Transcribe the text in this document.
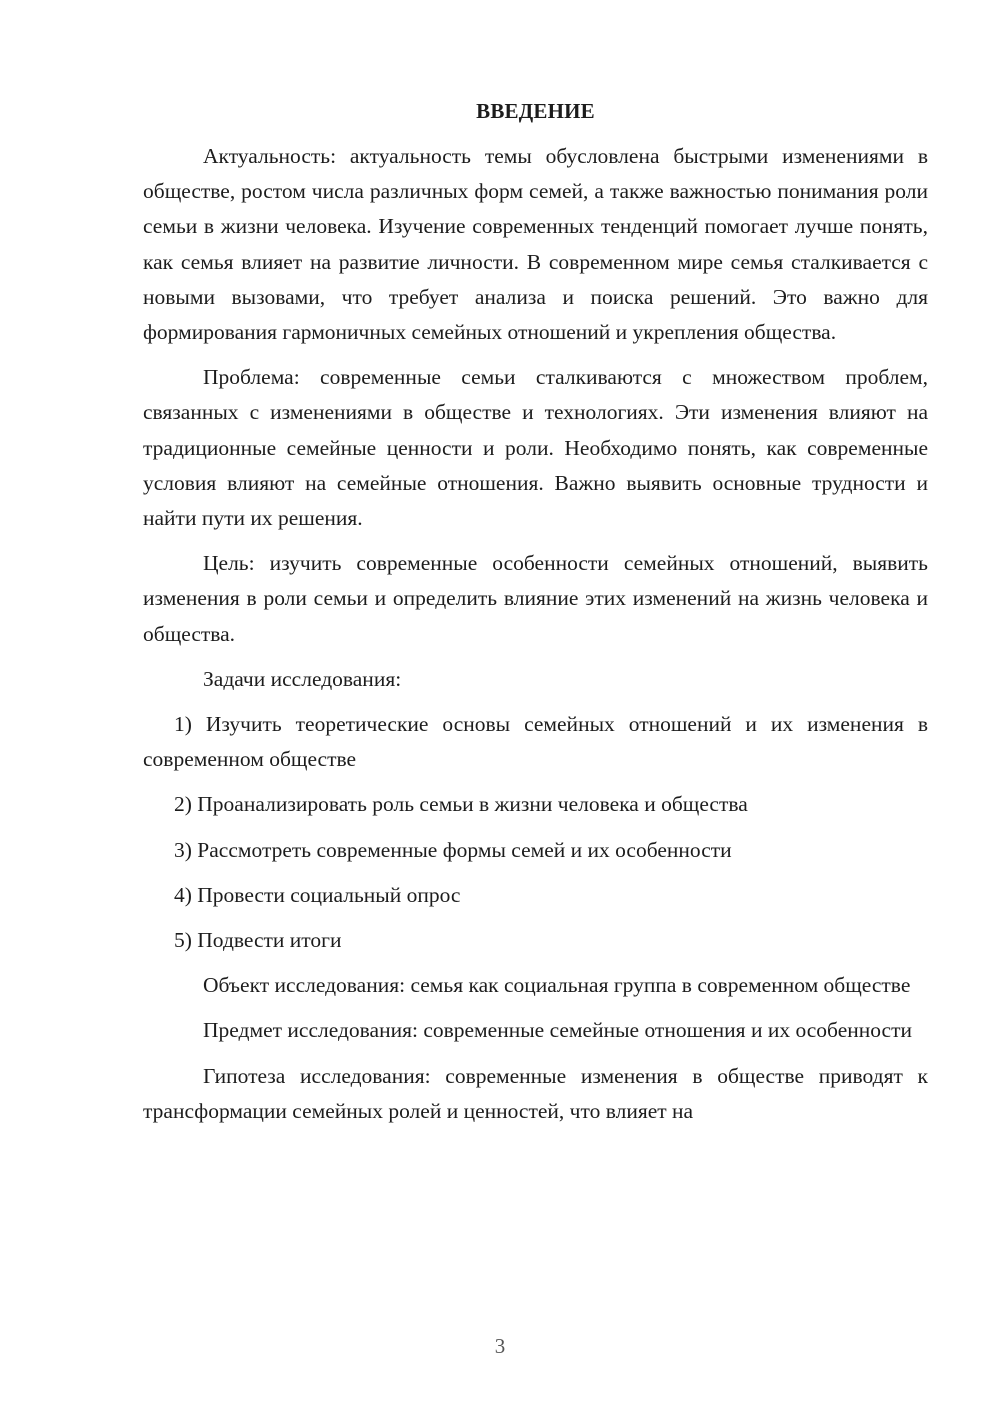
ВВЕДЕНИЕ

Актуальность: актуальность темы обусловлена быстрыми изменениями в обществе, ростом числа различных форм семей, а также важностью понимания роли семьи в жизни человека. Изучение современных тенденций помогает лучше понять, как семья влияет на развитие личности. В современном мире семья сталкивается с новыми вызовами, что требует анализа и поиска решений. Это важно для формирования гармоничных семейных отношений и укрепления общества.

Проблема: современные семьи сталкиваются с множеством проблем, связанных с изменениями в обществе и технологиях. Эти изменения влияют на традиционные семейные ценности и роли. Необходимо понять, как современные условия влияют на семейные отношения. Важно выявить основные трудности и найти пути их решения.

Цель: изучить современные особенности семейных отношений, выявить изменения в роли семьи и определить влияние этих изменений на жизнь человека и общества.

Задачи исследования:

1) Изучить теоретические основы семейных отношений и их изменения в современном обществе

2) Проанализировать роль семьи в жизни человека и общества

3) Рассмотреть современные формы семей и их особенности

4) Провести социальный опрос

5) Подвести итоги

Объект исследования: семья как социальная группа в современном обществе

Предмет исследования: современные семейные отношения и их особенности

Гипотеза исследования: современные изменения в обществе приводят к трансформации семейных ролей и ценностей, что влияет на

3
